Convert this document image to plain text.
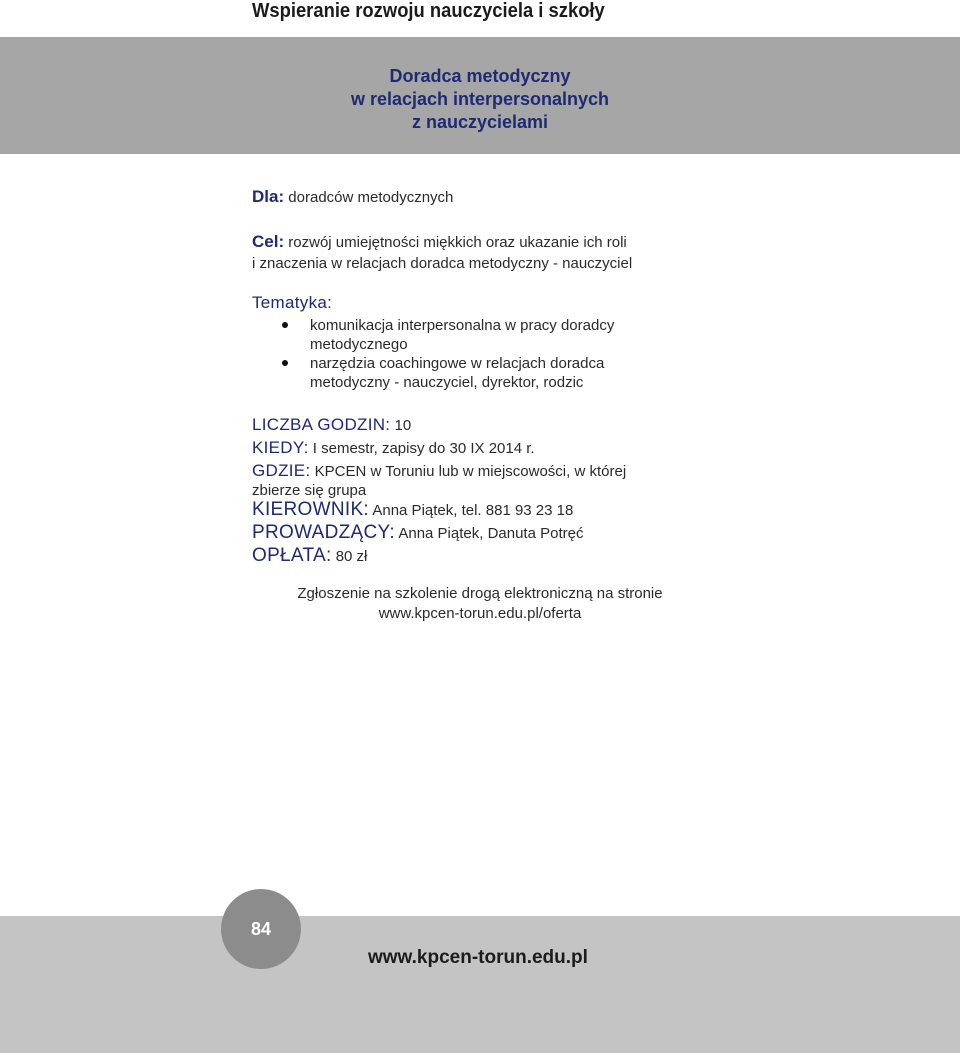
Wspieranie rozwoju nauczyciela i szkoły
Doradca metodyczny
w relacjach interpersonalnych
z nauczycielami
Dla: doradców metodycznych
Cel: rozwój umiejętności miękkich oraz ukazanie ich roli
i znaczenia w relacjach doradca metodyczny - nauczyciel
Tematyka:
komunikacja interpersonalna w pracy doradcy
metodycznego
narzędzia coachingowe w relacjach doradca
metodyczny - nauczyciel, dyrektor, rodzic
LICZBA GODZIN: 10
KIEDY: I semestr, zapisy do 30 IX 2014 r.
GDZIE: KPCEN w Toruniu lub w miejscowości, w której
zbierze się grupa
KIEROWNIK: Anna Piątek, tel. 881 93 23 18
PROWADZĄCY: Anna Piątek, Danuta Potręć
OPŁATA: 80 zł
Zgłoszenie na szkolenie drogą elektroniczną na stronie
www.kpcen-torun.edu.pl/oferta
84
www.kpcen-torun.edu.pl
